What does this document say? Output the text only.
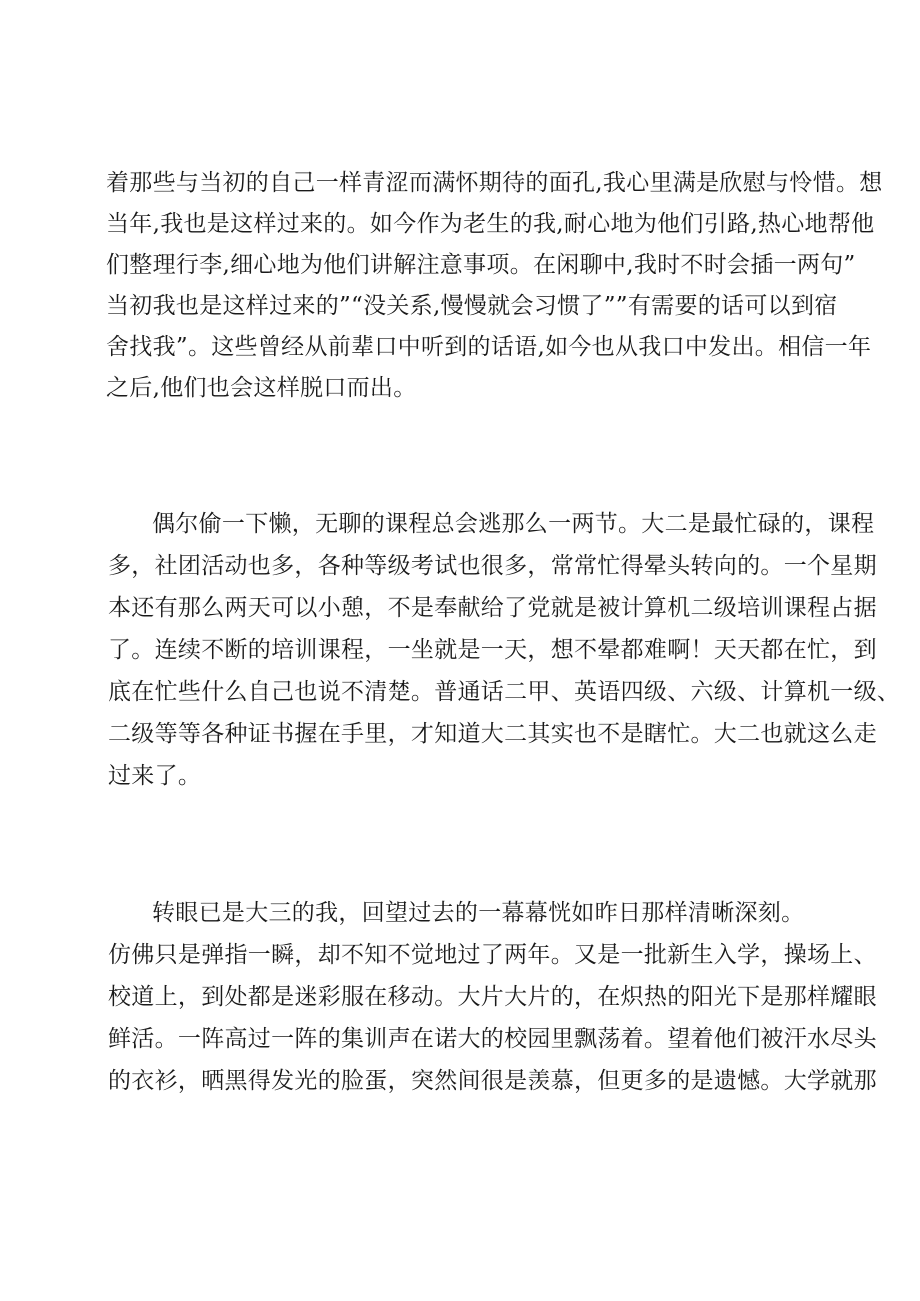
着那些与当初的自己一样青涩而满怀期待的面孔,我心里满是欣慰与怜惜。想
当年,我也是这样过来的。如今作为老生的我,耐心地为他们引路,热心地帮他
们整理行李,细心地为他们讲解注意事项。在闲聊中,我时不时会插一两句”
当初我也是这样过来的”“没关系,慢慢就会习惯了””有需要的话可以到宿
舍找我”。这些曾经从前辈口中听到的话语,如今也从我口中发出。相信一年
之后,他们也会这样脱口而出。
偶尔偷一下懒，无聊的课程总会逃那么一两节。大二是最忙碌的，课程
多，社团活动也多，各种等级考试也很多，常常忙得晕头转向的。一个星期
本还有那么两天可以小憩，不是奉献给了党就是被计算机二级培训课程占据
了。连续不断的培训课程，一坐就是一天，想不晕都难啊！天天都在忙，到
底在忙些什么自己也说不清楚。普通话二甲、英语四级、六级、计算机一级、
二级等等各种证书握在手里，才知道大二其实也不是瞎忙。大二也就这么走
过来了。
转眼已是大三的我，回望过去的一幕幕恍如昨日那样清晰深刻。
仿佛只是弹指一瞬，却不知不觉地过了两年。又是一批新生入学，操场上、
校道上，到处都是迷彩服在移动。大片大片的，在炽热的阳光下是那样耀眼
鲜活。一阵高过一阵的集训声在诺大的校园里飘荡着。望着他们被汗水尽头
的衣衫，晒黑得发光的脸蛋，突然间很是羡慕，但更多的是遗憾。大学就那
